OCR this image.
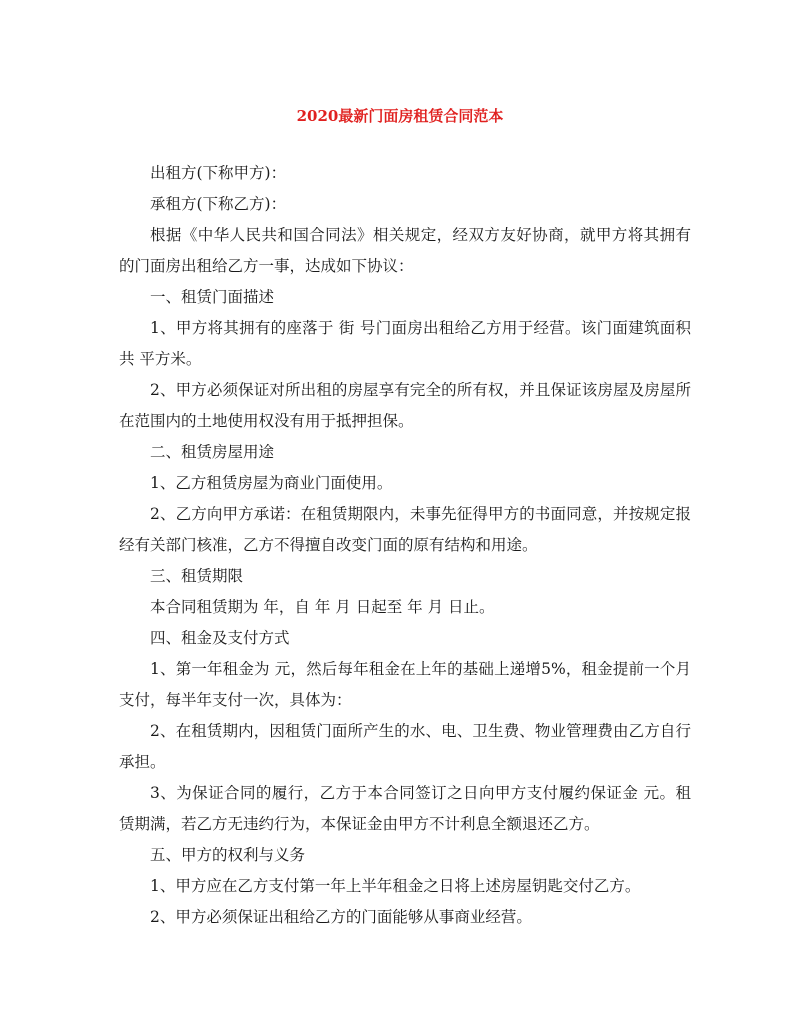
2020最新门面房租赁合同范本

出租方(下称甲方)：

承租方(下称乙方)：

根据《中华人民共和国合同法》相关规定，经双方友好协商，就甲方将其拥有的门面房出租给乙方一事，达成如下协议：

一、租赁门面描述

1、甲方将其拥有的座落于 街 号门面房出租给乙方用于经营。该门面建筑面积共 平方米。

2、甲方必须保证对所出租的房屋享有完全的所有权，并且保证该房屋及房屋所在范围内的土地使用权没有用于抵押担保。

二、租赁房屋用途

1、乙方租赁房屋为商业门面使用。

2、乙方向甲方承诺：在租赁期限内，未事先征得甲方的书面同意，并按规定报经有关部门核准，乙方不得擅自改变门面的原有结构和用途。

三、租赁期限

本合同租赁期为 年，自 年 月 日起至 年 月 日止。

四、租金及支付方式

1、第一年租金为 元，然后每年租金在上年的基础上递增5%，租金提前一个月支付，每半年支付一次，具体为：

2、在租赁期内，因租赁门面所产生的水、电、卫生费、物业管理费由乙方自行承担。

3、为保证合同的履行，乙方于本合同签订之日向甲方支付履约保证金 元。租赁期满，若乙方无违约行为，本保证金由甲方不计利息全额退还乙方。

五、甲方的权利与义务

1、甲方应在乙方支付第一年上半年租金之日将上述房屋钥匙交付乙方。

2、甲方必须保证出租给乙方的门面能够从事商业经营。
